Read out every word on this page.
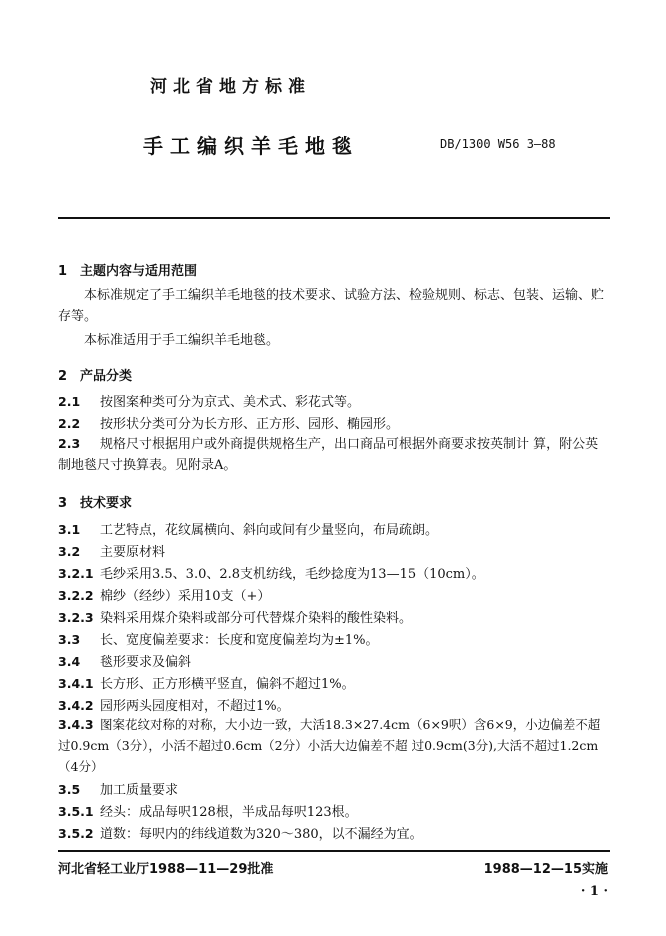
河北省地方标准
手工编织羊毛地毯	DB/1300 W56 3—88
1 主题内容与适用范围
本标准规定了手工编织羊毛地毯的技术要求、试验方法、检验规则、标志、包装、运输、贮存等。
本标准适用于手工编织羊毛地毯。
2 产品分类
2.1 按图案种类可分为京式、美术式、彩花式等。
2.2 按形状分类可分为长方形、正方形、园形、椭园形。
2.3 规格尺寸根据用户或外商提供规格生产，出口商品可根据外商要求按英制计 算，附公英制地毯尺寸换算表。见附录A。
3 技术要求
3.1 工艺特点，花纹属横向、斜向或间有少量竖向，布局疏朗。
3.2 主要原材料
3.2.1 毛纱采用3.5、3.0、2.8支机纺线，毛纱捻度为13—15（10cm）。
3.2.2 棉纱（经纱）采用10支（+）
3.2.3 染料采用煤介染料或部分可代替煤介染料的酸性染料。
3.3 长、宽度偏差要求：长度和宽度偏差均为±1%。
3.4 毯形要求及偏斜
3.4.1 长方形、正方形横平竖直，偏斜不超过1%。
3.4.2 园形两头园度相对，不超过1%。
3.4.3 图案花纹对称的对称，大小边一致，大活18.3×27.4cm（6×9呎）含6×9，小边偏差不超过0.9cm（3分），小活不超过0.6cm（2分）小活大边偏差不超 过0.9cm(3分),大活不超过1.2cm（4分）
3.5 加工质量要求
3.5.1 经头：成品每呎128根，半成品每呎123根。
3.5.2 道数：每呎内的纬线道数为320～380，以不漏经为宜。
河北省轻工业厅1988—11—29批准	1988—12—15实施
· 1 ·
